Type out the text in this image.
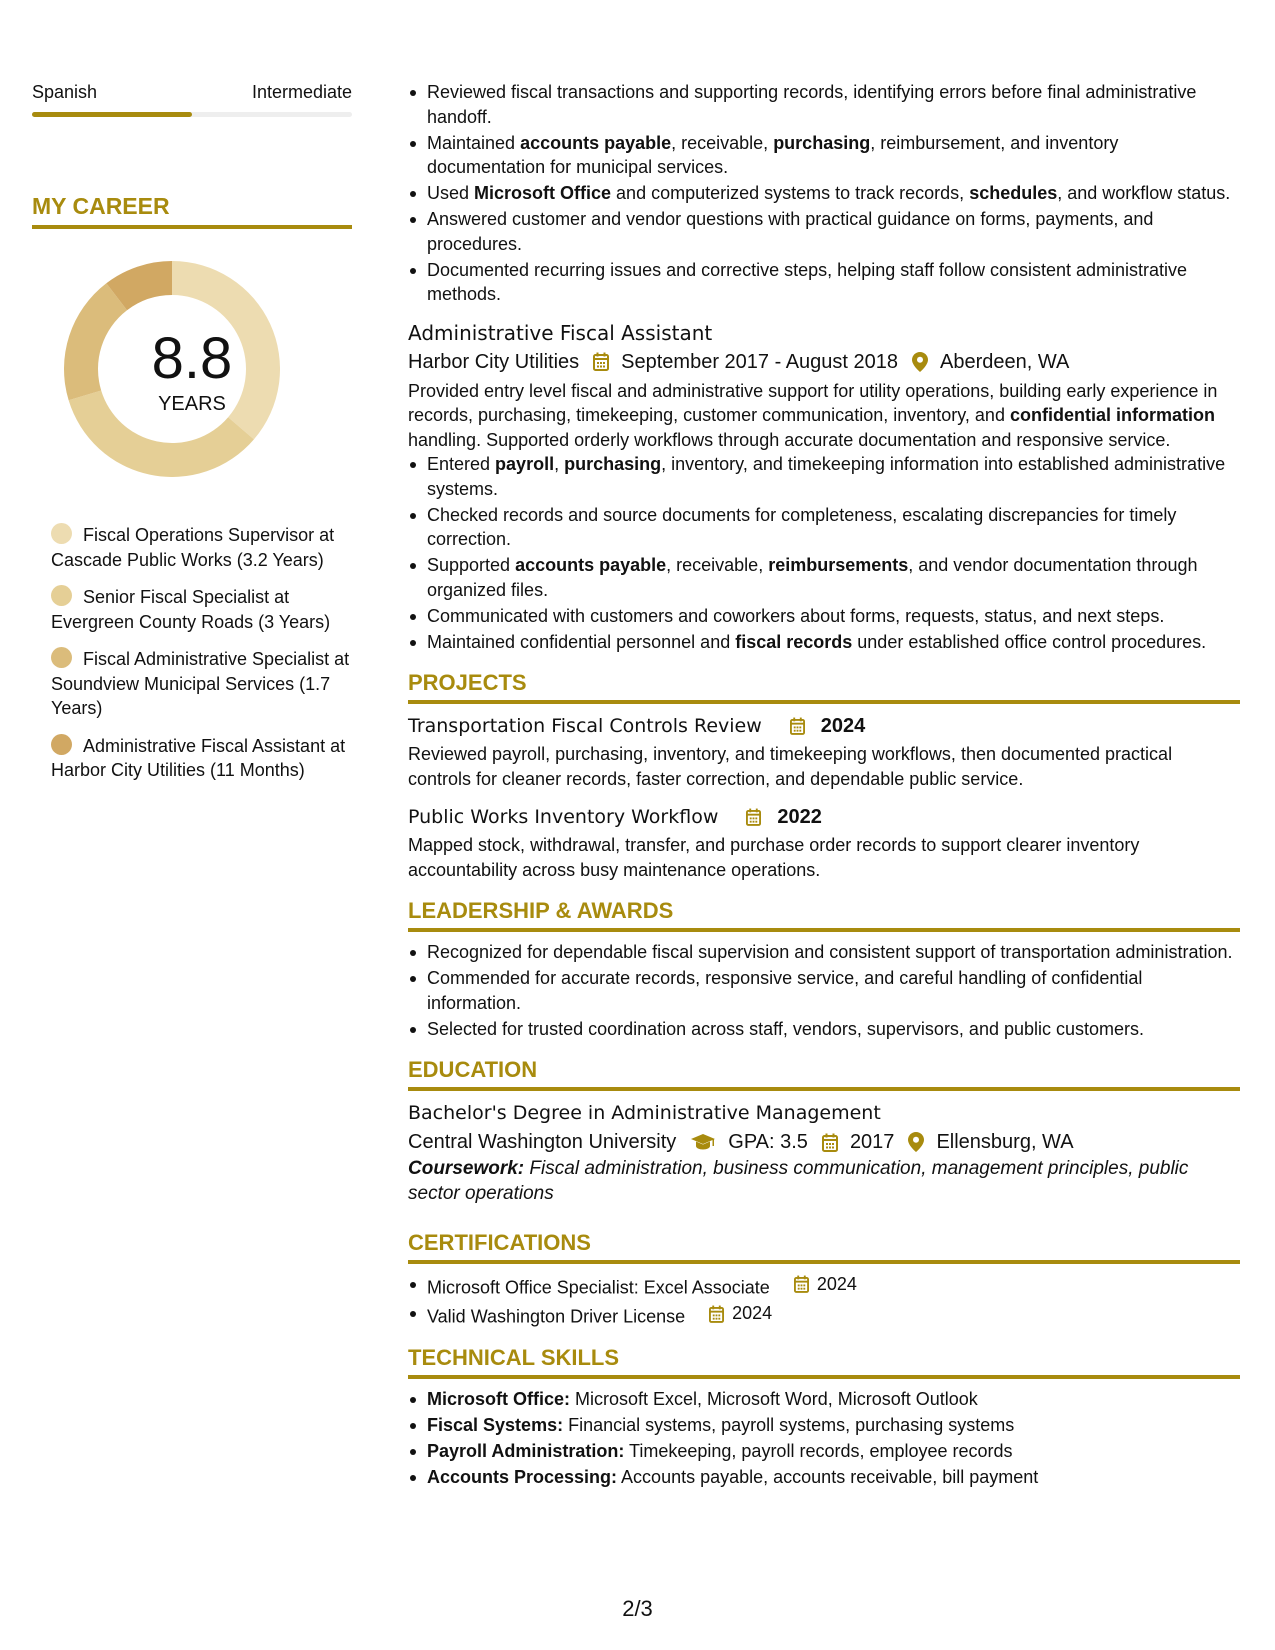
Spanish	Intermediate
MY CAREER
8.8
YEARS
Fiscal Operations Supervisor at Cascade Public Works (3.2 Years)
Senior Fiscal Specialist at Evergreen County Roads (3 Years)
Fiscal Administrative Specialist at Soundview Municipal Services (1.7 Years)
Administrative Fiscal Assistant at Harbor City Utilities (11 Months)
Reviewed fiscal transactions and supporting records, identifying errors before final administrative handoff.
Maintained accounts payable, receivable, purchasing, reimbursement, and inventory documentation for municipal services.
Used Microsoft Office and computerized systems to track records, schedules, and workflow status.
Answered customer and vendor questions with practical guidance on forms, payments, and procedures.
Documented recurring issues and corrective steps, helping staff follow consistent administrative methods.
Administrative Fiscal Assistant
Harbor City Utilities September 2017 - August 2018 Aberdeen, WA
Provided entry level fiscal and administrative support for utility operations, building early experience in records, purchasing, timekeeping, customer communication, inventory, and confidential information handling. Supported orderly workflows through accurate documentation and responsive service.
Entered payroll, purchasing, inventory, and timekeeping information into established administrative systems.
Checked records and source documents for completeness, escalating discrepancies for timely correction.
Supported accounts payable, receivable, reimbursements, and vendor documentation through organized files.
Communicated with customers and coworkers about forms, requests, status, and next steps.
Maintained confidential personnel and fiscal records under established office control procedures.
PROJECTS
Transportation Fiscal Controls Review	2024
Reviewed payroll, purchasing, inventory, and timekeeping workflows, then documented practical controls for cleaner records, faster correction, and dependable public service.
Public Works Inventory Workflow	2022
Mapped stock, withdrawal, transfer, and purchase order records to support clearer inventory accountability across busy maintenance operations.
LEADERSHIP & AWARDS
Recognized for dependable fiscal supervision and consistent support of transportation administration.
Commended for accurate records, responsive service, and careful handling of confidential information.
Selected for trusted coordination across staff, vendors, supervisors, and public customers.
EDUCATION
Bachelor's Degree in Administrative Management
Central Washington University	GPA: 3.5 2017 Ellensburg, WA
Coursework: Fiscal administration, business communication, management principles, public sector operations
CERTIFICATIONS
Microsoft Office Specialist: Excel Associate	2024
Valid Washington Driver License	2024
TECHNICAL SKILLS
Microsoft Office: Microsoft Excel, Microsoft Word, Microsoft Outlook
Fiscal Systems: Financial systems, payroll systems, purchasing systems
Payroll Administration: Timekeeping, payroll records, employee records
Accounts Processing: Accounts payable, accounts receivable, bill payment
2/3
